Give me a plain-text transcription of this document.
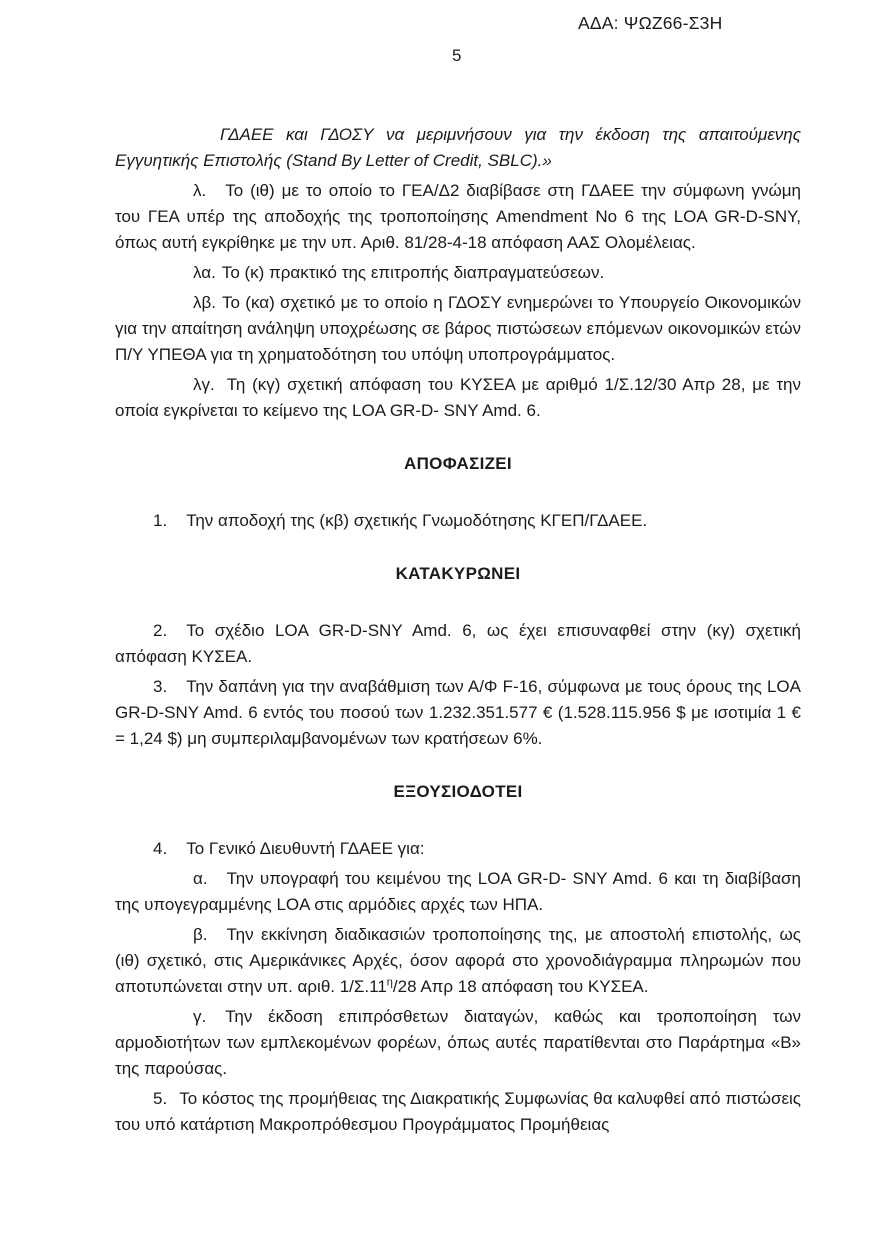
ΑΔΑ: ΨΩΖ66-Σ3Η
5

ΓΔΑΕΕ και ΓΔΟΣΥ να μεριμνήσουν για την έκδοση της απαιτούμενης Εγγυητικής Επιστολής (Stand By Letter of Credit, SBLC).»

λ. Το (ιθ) με το οποίο το ΓΕΑ/Δ2 διαβίβασε στη ΓΔΑΕΕ την σύμφωνη γνώμη του ΓΕΑ υπέρ της αποδοχής της τροποποίησης Amendment No 6 της LOA GR-D-SNY, όπως αυτή εγκρίθηκε με την υπ. Αριθ. 81/28-4-18 απόφαση ΑΑΣ Ολομέλειας.

λα. Το (κ) πρακτικό της επιτροπής διαπραγματεύσεων.

λβ. Το (κα) σχετικό με το οποίο η ΓΔΟΣΥ ενημερώνει το Υπουργείο Οικονομικών για την απαίτηση ανάληψη υποχρέωσης σε βάρος πιστώσεων επόμενων οικονομικών ετών Π/Υ ΥΠΕΘΑ για τη χρηματοδότηση του υπόψη υποπρογράμματος.

λγ. Τη (κγ) σχετική απόφαση του ΚΥΣΕΑ με αριθμό 1/Σ.12/30 Απρ 28, με την οποία εγκρίνεται το κείμενο της LOA GR-D- SNY Amd. 6.

ΑΠΟΦΑΣΙΖΕΙ

1. Την αποδοχή της (κβ) σχετικής Γνωμοδότησης ΚΓΕΠ/ΓΔΑΕΕ.

ΚΑΤΑΚΥΡΩΝΕΙ

2. Το σχέδιο LOA GR-D-SNY Amd. 6, ως έχει επισυναφθεί στην (κγ) σχετική απόφαση ΚΥΣΕΑ.

3. Την δαπάνη για την αναβάθμιση των Α/Φ F-16, σύμφωνα με τους όρους της LOA GR-D-SNY Amd. 6 εντός του ποσού των 1.232.351.577 € (1.528.115.956 $ με ισοτιμία 1 € = 1,24 $) μη συμπεριλαμβανομένων των κρατήσεων 6%.

ΕΞΟΥΣΙΟΔΟΤΕΙ

4. Το Γενικό Διευθυντή ΓΔΑΕΕ για:

α. Την υπογραφή του κειμένου της LOA GR-D- SNY Amd. 6 και τη διαβίβαση της υπογεγραμμένης LOA στις αρμόδιες αρχές των ΗΠΑ.

β. Την εκκίνηση διαδικασιών τροποποίησης της, με αποστολή επιστολής, ως (ιθ) σχετικό, στις Αμερικάνικες Αρχές, όσον αφορά στο χρονοδιάγραμμα πληρωμών που αποτυπώνεται στην υπ. αριθ. $1/\Sigma.11^\eta/28$ Απρ 18 απόφαση του ΚΥΣΕΑ.

γ. Την έκδοση επιπρόσθετων διαταγών, καθώς και τροποποίηση των αρμοδιοτήτων των εμπλεκομένων φορέων, όπως αυτές παρατίθενται στο Παράρτημα «Β» της παρούσας.

5. Το κόστος της προμήθειας της Διακρατικής Συμφωνίας θα καλυφθεί από πιστώσεις του υπό κατάρτιση Μακροπρόθεσμου Προγράμματος Προμήθειας
